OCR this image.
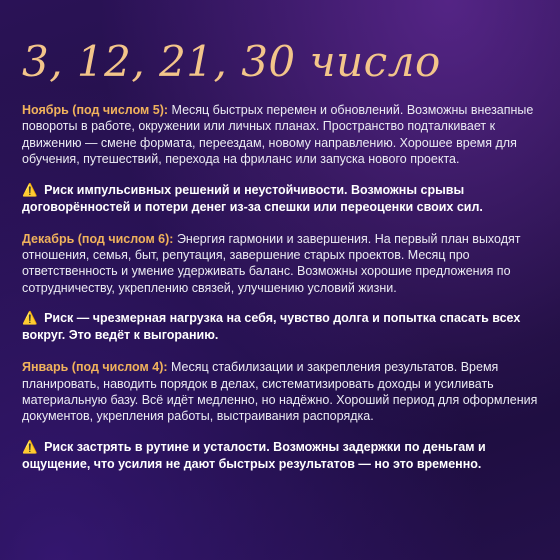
3, 12, 21, 30 число
Ноябрь (под числом 5): Месяц быстрых перемен и обновлений. Возможны внезапные повороты в работе, окружении или личных планах. Пространство подталкивает к движению — смене формата, переездам, новому направлению. Хорошее время для обучения, путешествий, перехода на фриланс или запуска нового проекта.
⚠️ Риск импульсивных решений и неустойчивости. Возможны срывы договорённостей и потери денег из-за спешки или переоценки своих сил.
Декабрь (под числом 6): Энергия гармонии и завершения. На первый план выходят отношения, семья, быт, репутация, завершение старых проектов. Месяц про ответственность и умение удерживать баланс. Возможны хорошие предложения по сотрудничеству, укреплению связей, улучшению условий жизни.
⚠️ Риск — чрезмерная нагрузка на себя, чувство долга и попытка спасать всех вокруг. Это ведёт к выгоранию.
Январь (под числом 4): Месяц стабилизации и закрепления результатов. Время планировать, наводить порядок в делах, систематизировать доходы и усиливать материальную базу. Всё идёт медленно, но надёжно. Хороший период для оформления документов, укрепления работы, выстраивания распорядка.
⚠️ Риск застрять в рутине и усталости. Возможны задержки по деньгам и ощущение, что усилия не дают быстрых результатов — но это временно.
